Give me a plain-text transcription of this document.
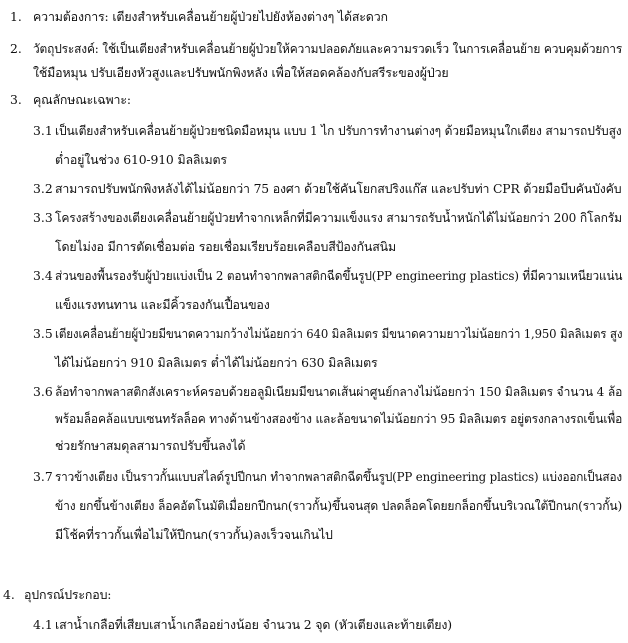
1. ความต้องการ: เตียงสำหรับเคลื่อนย้ายผู้ป่วยไปยังห้องต่างๆ ได้สะดวก
2. วัตถุประสงค์: ใช้เป็นเตียงสำหรับเคลื่อนย้ายผู้ป่วยให้ความปลอดภัยและความรวดเร็ว ในการเคลื่อนย้าย ควบคุมด้วยการ
ใช้มือหมุน ปรับเอียงหัวสูงและปรับพนักพิงหลัง เพื่อให้สอดคล้องกับสรีระของผู้ป่วย
3. คุณลักษณะเฉพาะ:
3.1 เป็นเตียงสำหรับเคลื่อนย้ายผู้ป่วยชนิดมือหมุน แบบ 1 ไก ปรับการทำงานต่างๆ ด้วยมือหมุนใกเตียง สามารถปรับสูง
ต่ำอยู่ในช่วง 610-910 มิลลิเมตร
3.2 สามารถปรับพนักพิงหลังได้ไม่น้อยกว่า 75 องศา ด้วยใช้คันโยกสปริงแก๊ส และปรับท่า CPR ด้วยมือบีบคันบังคับ
3.3 โครงสร้างของเตียงเคลื่อนย้ายผู้ป่วยทำจากเหล็กที่มีความแข็งแรง สามารถรับน้ำหนักได้ไม่น้อยกว่า 200 กิโลกรัม
โดยไม่งอ มีการตัดเชื่อมต่อ รอยเชื่อมเรียบร้อยเคลือบสีป้องกันสนิม
3.4 ส่วนของพื้นรองรับผู้ป่วยแบ่งเป็น 2 ตอนทำจากพลาสติกฉีดขึ้นรูป(PP engineering plastics) ที่มีความเหนียวแน่น
แข็งแรงทนทาน และมีคิ้วรองกันเปื้อนของ
3.5 เตียงเคลื่อนย้ายผู้ป่วยมีขนาดความกว้างไม่น้อยกว่า 640 มิลลิเมตร มีขนาดความยาวไม่น้อยกว่า 1,950 มิลลิเมตร สูง
ได้ไม่น้อยกว่า 910 มิลลิเมตร ต่ำได้ไม่น้อยกว่า 630 มิลลิเมตร
3.6 ล้อทำจากพลาสติกสังเคราะห์ครอบด้วยอลูมิเนียมมีขนาดเส้นผ่าศูนย์กลางไม่น้อยกว่า 150 มิลลิเมตร จำนวน 4 ล้อ
พร้อมล็อคล้อแบบเซนทรัลล็อค ทางด้านข้างสองข้าง และล้อขนาดไม่น้อยกว่า 95 มิลลิเมตร อยู่ตรงกลางรถเข็นเพื่อ
ช่วยรักษาสมดุลสามารถปรับขึ้นลงได้
3.7 ราวข้างเตียง เป็นราวกั้นแบบสไลด์รูปปีกนก ทำจากพลาสติกฉีดขึ้นรูป(PP engineering plastics) แบ่งออกเป็นสอง
ข้าง ยกขึ้นข้างเตียง ล็อคอัตโนมัติเมื่อยกปีกนก(ราวกั้น)ขึ้นจนสุด ปลดล็อคโดยยกล็อกขึ้นบริเวณใต้ปีกนก(ราวกั้น)
มีโช้คที่ราวกั้นเพื่อไม่ให้ปีกนก(ราวกั้น)ลงเร็วจนเกินไป
4. อุปกรณ์ประกอบ:
4.1 เสาน้ำเกลือที่เสียบเสาน้ำเกลืออย่างน้อย จำนวน 2 จุด (หัวเตียงและท้ายเตียง)
